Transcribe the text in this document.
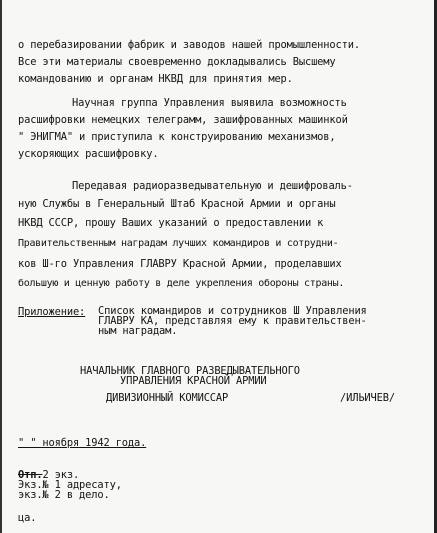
о перебазировании фабрик и заводов нашей промышленности.
Все эти материалы своевременно докладывались Высшему
командованию и органам НКВД для принятия мер.
Научная группа Управления выявила возможность
расшифровки немецких телеграмм, зашифрованных машинкой
" ЭНИГМА" и приступила к конструированию механизмов,
ускоряющих расшифровку.
Передавая радиоразведывательную и дешифроваль-
ную Службы в Генеральный Штаб Красной Армии и органы
НКВД СССР, прошу Вашиx указаний о предоставлении к
Правительственным наградам лучших командиров и сотрудни-
ков Ш-го Управления ГЛАВРУ Красной Армии, проделавших
большую и ценную работу в деле укрепления обороны страны.
Приложение: Список командиров и сотрудников Ш Управления
ГЛАВРУ КА, представляя ему к правительствен-
ным наградам.
НАЧАЛЬНИК ГЛАВНОГО РАЗВЕДЫВАТЕЛЬНОГО
УПРАВЛЕНИЯ КРАСНОЙ АРМИИ
ДИВИЗИОННЫЙ КОМИССАР	/ИЛЬИЧЕВ/
" " ноября 1942 года.
Отп.2 экз.
Экз.№ 1 адресату,
экз.№ 2 в дело.
ца.
